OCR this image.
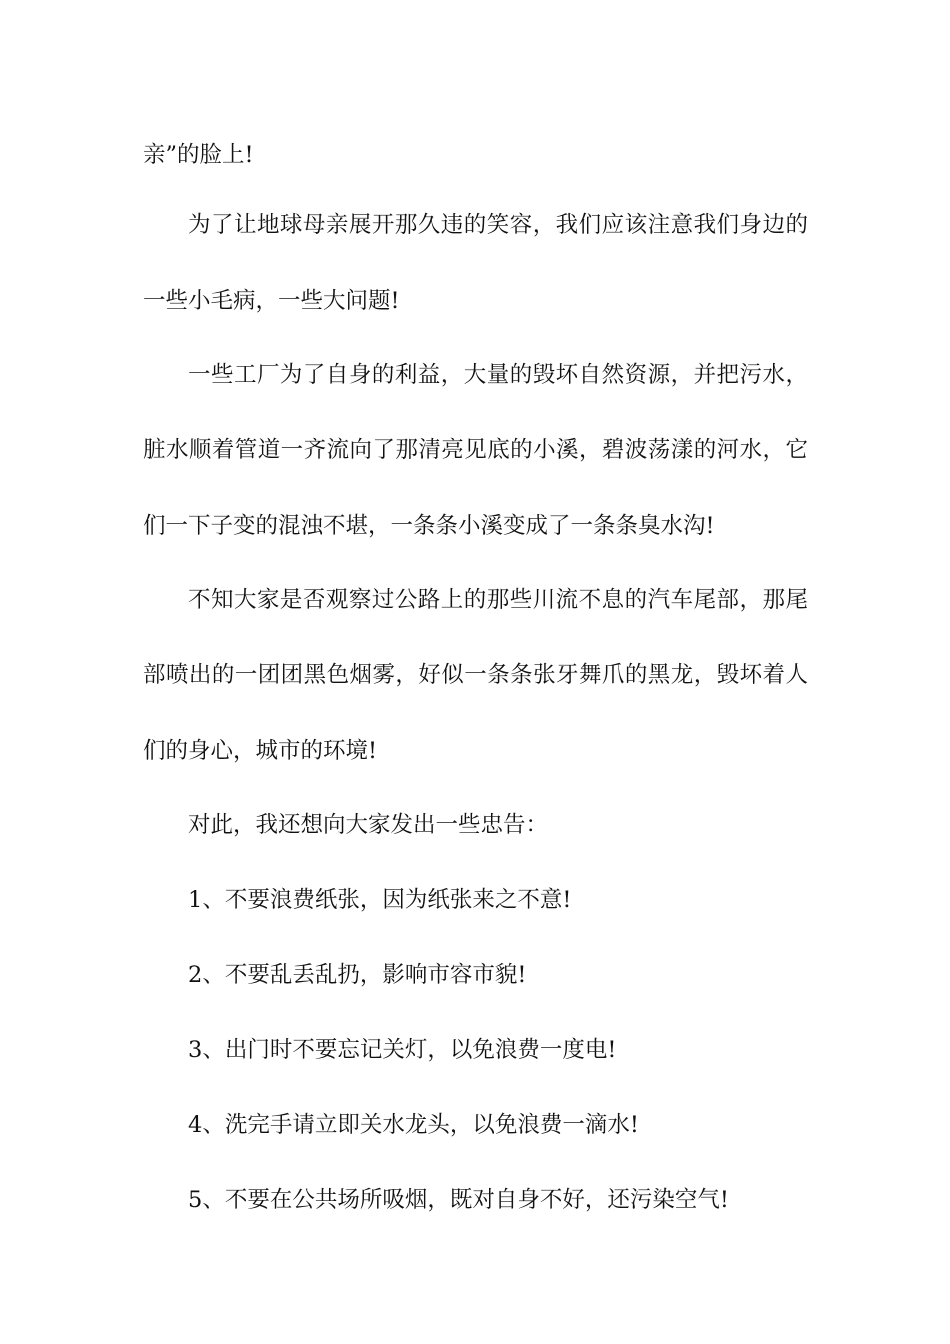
亲”的脸上!
为了让地球母亲展开那久违的笑容，我们应该注意我们身边的
一些小毛病，一些大问题!
一些工厂为了自身的利益，大量的毁坏自然资源，并把污水，
脏水顺着管道一齐流向了那清亮见底的小溪，碧波荡漾的河水，它
们一下子变的混浊不堪，一条条小溪变成了一条条臭水沟!
不知大家是否观察过公路上的那些川流不息的汽车尾部，那尾
部喷出的一团团黑色烟雾，好似一条条张牙舞爪的黑龙，毁坏着人
们的身心，城市的环境!
对此，我还想向大家发出一些忠告：
1、不要浪费纸张，因为纸张来之不意!
2、不要乱丢乱扔，影响市容市貌!
3、出门时不要忘记关灯，以免浪费一度电!
4、洗完手请立即关水龙头，以免浪费一滴水!
5、不要在公共场所吸烟，既对自身不好，还污染空气!
